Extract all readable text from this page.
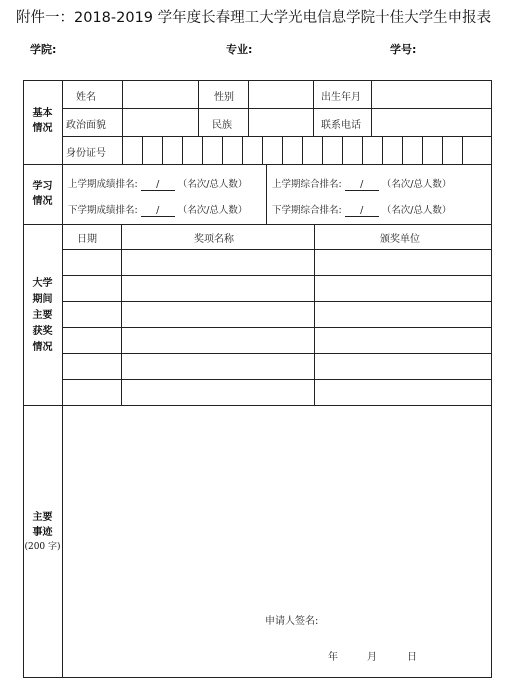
附件一：2018-2019 学年度长春理工大学光电信息学院十佳大学生申报表
学院:	专业:	学号:
基本情况
姓名	性别	出生年月
政治面貌	民族	联系电话
身份证号
学习情况
上学期成绩排名: / （名次/总人数）	上学期综合排名: / （名次/总人数）
下学期成绩排名: / （名次/总人数）	下学期综合排名: / （名次/总人数）
大学期间主要获奖情况
日期	奖项名称	颁奖单位
主要事迹
(200 字)
申请人签名:
年	月	日
